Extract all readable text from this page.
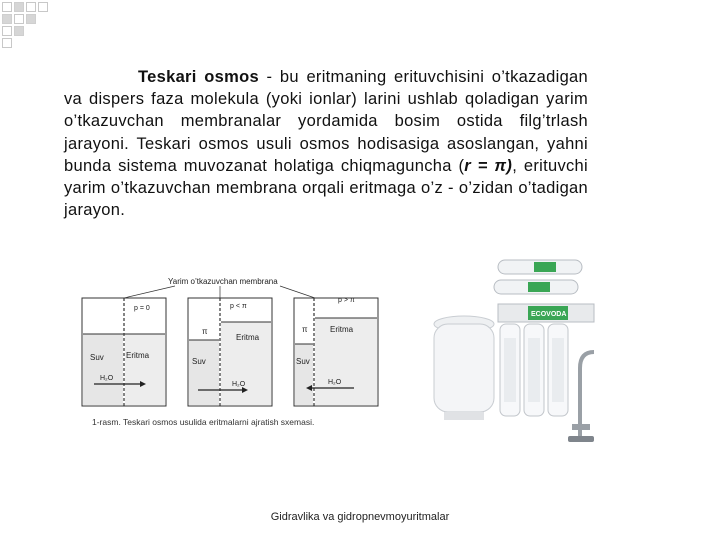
Teskari osmos - bu eritmaning erituvchisini o’tkazadigan va dispers faza molekula (yoki ionlar) larini ushlab qoladigan yarim o’tkazuvchan membranalar yordamida bosim ostida filg’trlash jarayoni. Teskari osmos usuli osmos hodisasiga asoslangan, yahni bunda sistema muvozanat holatiga chiqmaguncha (r = π), erituvchi yarim o’tkazuvchan membrana orqali eritmaga o’z - o’zidan o’tadigan jarayon.
Yarim o’tkazuvchan membrana
p = 0
Suv	Eritma
H₂O
p < π
π
Eritma
Suv
H₂O
p > π
π	Eritma
Suv
H₂O
1-rasm. Teskari osmos usulida eritmalarni ajratish sxemasi.
ECOVODA
Gidravlika va gidropnevmoyuritmalar
